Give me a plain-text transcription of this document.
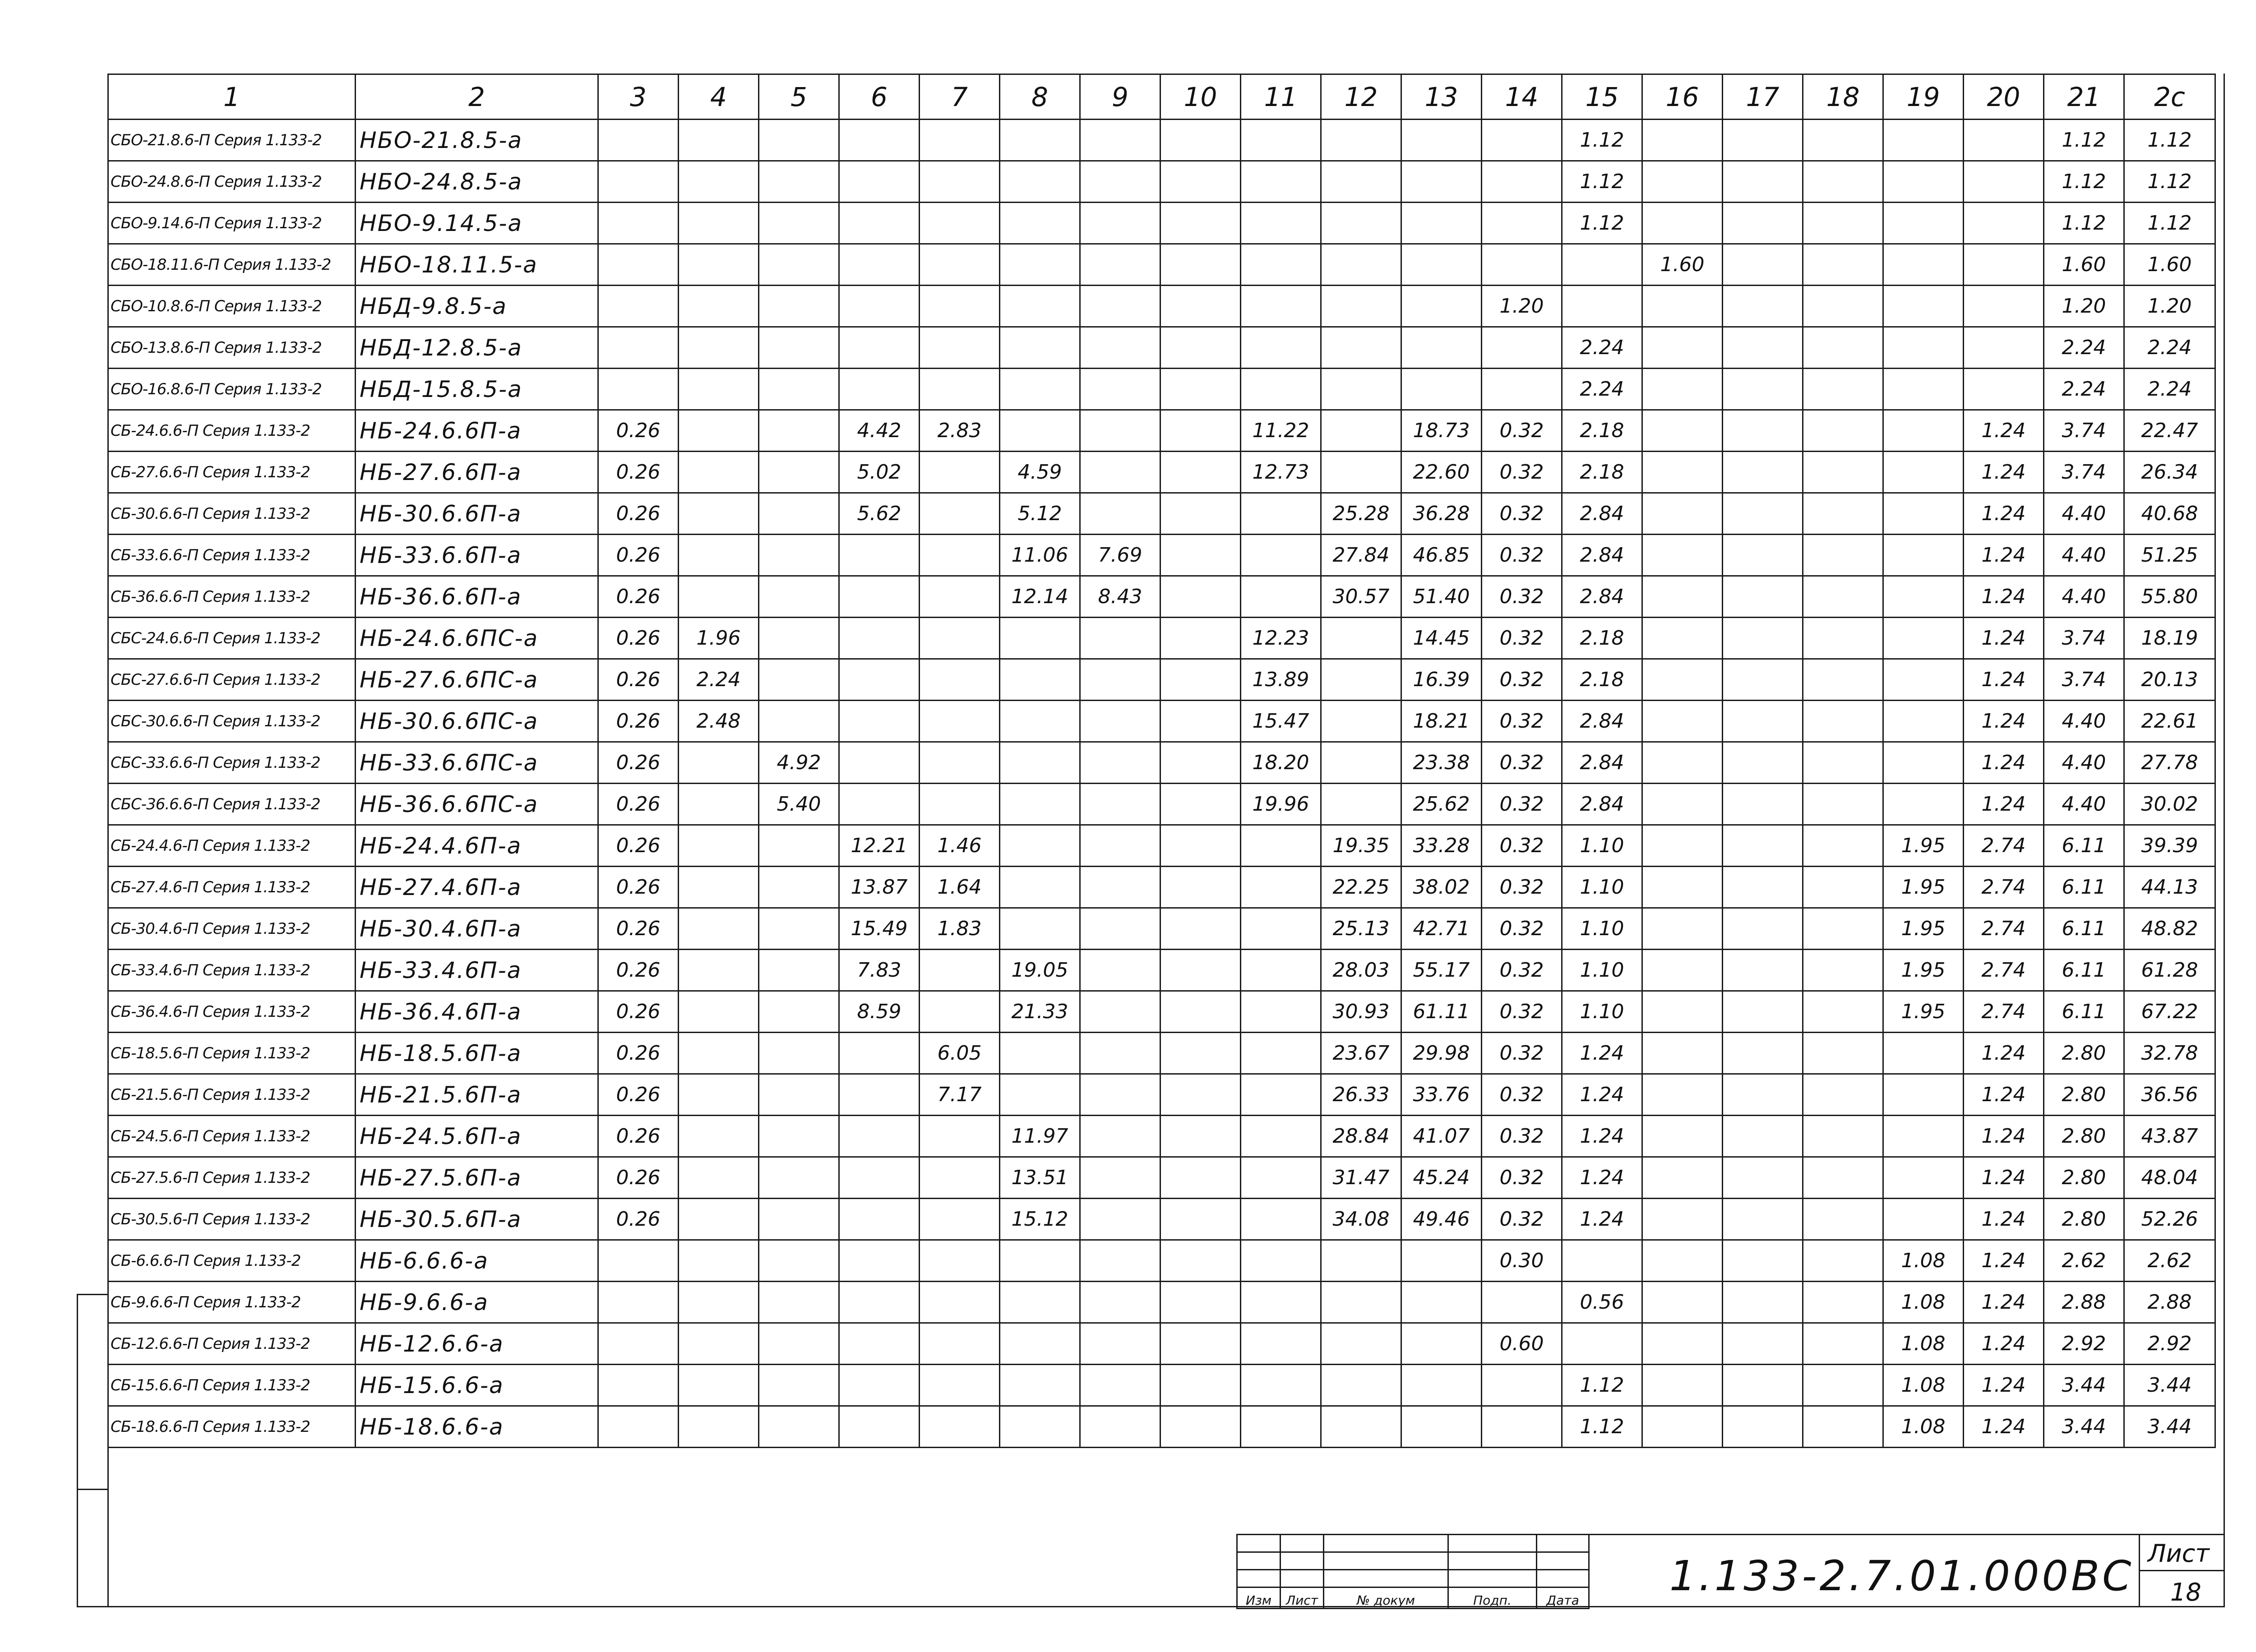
1	2	3	4	5	6	7	8	9	10	11	12	13	14	15	16	17	18	19	20	21	2c
СБО-21.8.6-П Серия 1.133-2	НБО-21.8.5-а													1.12						1.12	1.12
СБО-24.8.6-П Серия 1.133-2	НБО-24.8.5-а													1.12						1.12	1.12
СБО-9.14.6-П Серия 1.133-2	НБО-9.14.5-а													1.12						1.12	1.12
СБО-18.11.6-П Серия 1.133-2	НБО-18.11.5-а														1.60					1.60	1.60
СБО-10.8.6-П Серия 1.133-2	НБД-9.8.5-а												1.20							1.20	1.20
СБО-13.8.6-П Серия 1.133-2	НБД-12.8.5-а													2.24						2.24	2.24
СБО-16.8.6-П Серия 1.133-2	НБД-15.8.5-а													2.24						2.24	2.24
СБ-24.6.6-П Серия 1.133-2	НБ-24.6.6П-а	0.26			4.42	2.83				11.22		18.73	0.32	2.18					1.24	3.74	22.47
СБ-27.6.6-П Серия 1.133-2	НБ-27.6.6П-а	0.26			5.02		4.59			12.73		22.60	0.32	2.18					1.24	3.74	26.34
СБ-30.6.6-П Серия 1.133-2	НБ-30.6.6П-а	0.26			5.62		5.12				25.28	36.28	0.32	2.84					1.24	4.40	40.68
СБ-33.6.6-П Серия 1.133-2	НБ-33.6.6П-а	0.26					11.06	7.69			27.84	46.85	0.32	2.84					1.24	4.40	51.25
СБ-36.6.6-П Серия 1.133-2	НБ-36.6.6П-а	0.26					12.14	8.43			30.57	51.40	0.32	2.84					1.24	4.40	55.80
СБС-24.6.6-П Серия 1.133-2	НБ-24.6.6ПС-а	0.26	1.96							12.23		14.45	0.32	2.18					1.24	3.74	18.19
СБС-27.6.6-П Серия 1.133-2	НБ-27.6.6ПС-а	0.26	2.24							13.89		16.39	0.32	2.18					1.24	3.74	20.13
СБС-30.6.6-П Серия 1.133-2	НБ-30.6.6ПС-а	0.26	2.48							15.47		18.21	0.32	2.84					1.24	4.40	22.61
СБС-33.6.6-П Серия 1.133-2	НБ-33.6.6ПС-а	0.26		4.92						18.20		23.38	0.32	2.84					1.24	4.40	27.78
СБС-36.6.6-П Серия 1.133-2	НБ-36.6.6ПС-а	0.26		5.40						19.96		25.62	0.32	2.84					1.24	4.40	30.02
СБ-24.4.6-П Серия 1.133-2	НБ-24.4.6П-а	0.26			12.21	1.46					19.35	33.28	0.32	1.10				1.95	2.74	6.11	39.39
СБ-27.4.6-П Серия 1.133-2	НБ-27.4.6П-а	0.26			13.87	1.64					22.25	38.02	0.32	1.10				1.95	2.74	6.11	44.13
СБ-30.4.6-П Серия 1.133-2	НБ-30.4.6П-а	0.26			15.49	1.83					25.13	42.71	0.32	1.10				1.95	2.74	6.11	48.82
СБ-33.4.6-П Серия 1.133-2	НБ-33.4.6П-а	0.26			7.83		19.05				28.03	55.17	0.32	1.10				1.95	2.74	6.11	61.28
СБ-36.4.6-П Серия 1.133-2	НБ-36.4.6П-а	0.26			8.59		21.33				30.93	61.11	0.32	1.10				1.95	2.74	6.11	67.22
СБ-18.5.6-П Серия 1.133-2	НБ-18.5.6П-а	0.26				6.05					23.67	29.98	0.32	1.24					1.24	2.80	32.78
СБ-21.5.6-П Серия 1.133-2	НБ-21.5.6П-а	0.26				7.17					26.33	33.76	0.32	1.24					1.24	2.80	36.56
СБ-24.5.6-П Серия 1.133-2	НБ-24.5.6П-а	0.26					11.97				28.84	41.07	0.32	1.24					1.24	2.80	43.87
СБ-27.5.6-П Серия 1.133-2	НБ-27.5.6П-а	0.26					13.51				31.47	45.24	0.32	1.24					1.24	2.80	48.04
СБ-30.5.6-П Серия 1.133-2	НБ-30.5.6П-а	0.26					15.12				34.08	49.46	0.32	1.24					1.24	2.80	52.26
СБ-6.6.6-П Серия 1.133-2	НБ-6.6.6-а												0.30					1.08	1.24	2.62	2.62
СБ-9.6.6-П Серия 1.133-2	НБ-9.6.6-а													0.56				1.08	1.24	2.88	2.88
СБ-12.6.6-П Серия 1.133-2	НБ-12.6.6-а												0.60					1.08	1.24	2.92	2.92
СБ-15.6.6-П Серия 1.133-2	НБ-15.6.6-а													1.12				1.08	1.24	3.44	3.44
СБ-18.6.6-П Серия 1.133-2	НБ-18.6.6-а													1.12				1.08	1.24	3.44	3.44

Изм	Лист	№ докум	Подп.	Дата
1.133-2.7.01.000ВС Лист
18
